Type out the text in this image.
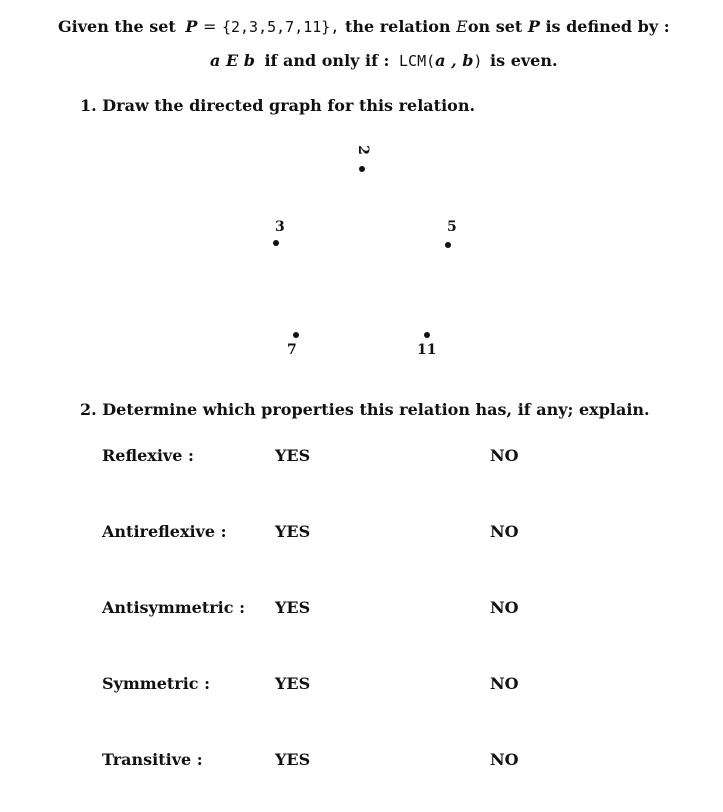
Given the set P = {2,3,5,7,11}, the relation Eon set P is defined by :
a E b if and only if : LCM(a , b) is even.
1. Draw the directed graph for this relation.
2
3	5
7	11
2. Determine which properties this relation has, if any; explain.
Reflexive :	YES	NO
Antireflexive :	YES	NO
Antisymmetric : YES	NO
Symmetric :	YES	NO
Transitive :	YES	NO
